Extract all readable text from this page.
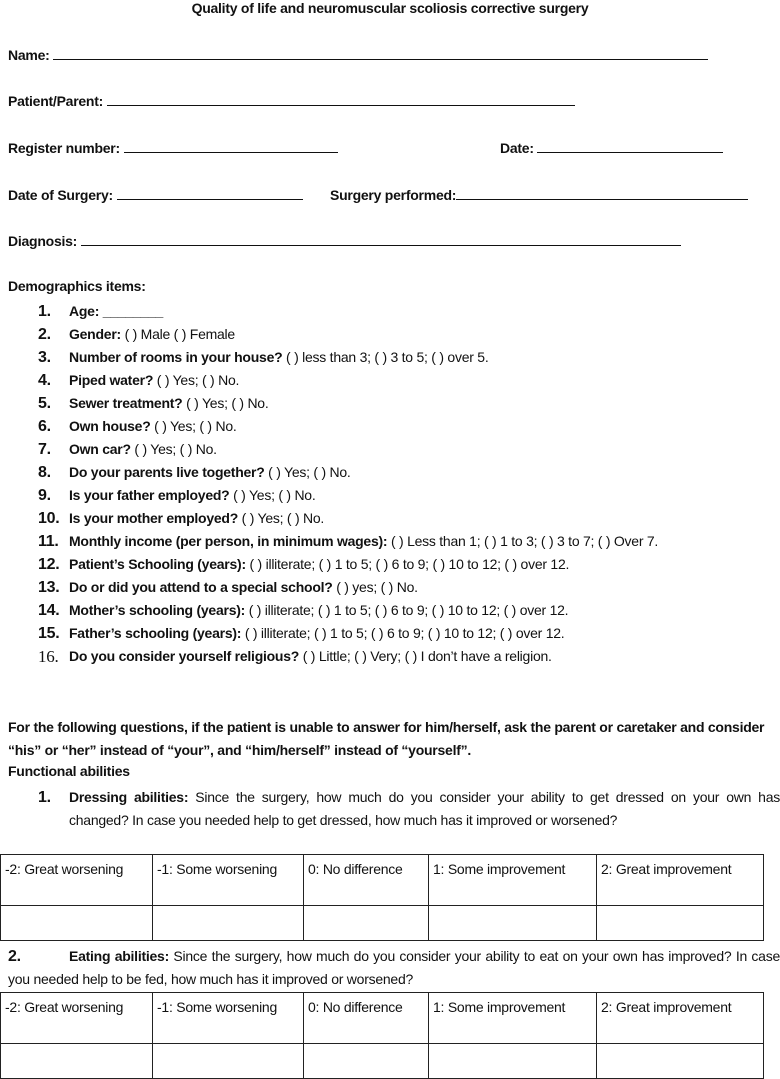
Quality of life and neuromuscular scoliosis corrective surgery
Name:
Patient/Parent:
Register number:	Date:
Date of Surgery:	Surgery performed:
Diagnosis:
Demographics items:
1.	Age: ________
2.	Gender: ( ) Male ( ) Female
3.	Number of rooms in your house? ( ) less than 3; ( ) 3 to 5; ( ) over 5.
4.	Piped water? ( ) Yes; ( ) No.
5.	Sewer treatment? ( ) Yes; ( ) No.
6.	Own house? ( ) Yes; ( ) No.
7.	Own car? ( ) Yes; ( ) No.
8.	Do your parents live together? ( ) Yes; ( ) No.
9.	Is your father employed? ( ) Yes; ( ) No.
10. Is your mother employed? ( ) Yes; ( ) No.
11. Monthly income (per person, in minimum wages): ( ) Less than 1; ( ) 1 to 3; ( ) 3 to 7; ( ) Over 7.
12. Patient’s Schooling (years): ( ) illiterate; ( ) 1 to 5; ( ) 6 to 9; ( ) 10 to 12; ( ) over 12.
13. Do or did you attend to a special school? ( ) yes; ( ) No.
14. Mother’s schooling (years): ( ) illiterate; ( ) 1 to 5; ( ) 6 to 9; ( ) 10 to 12; ( ) over 12.
15. Father’s schooling (years): ( ) illiterate; ( ) 1 to 5; ( ) 6 to 9; ( ) 10 to 12; ( ) over 12.
16. Do you consider yourself religious? ( ) Little; ( ) Very; ( ) I don’t have a religion.
For the following questions, if the patient is unable to answer for him/herself, ask the parent or caretaker and consider “his” or “her” instead of “your”, and “him/herself” instead of “yourself”.
Functional abilities
1.	Dressing abilities: Since the surgery, how much do you consider your ability to get dressed on your own has changed? In case you needed help to get dressed, how much has it improved or worsened?
-2: Great worsening	-1: Some worsening	0: No difference	1: Some improvement	2: Great improvement

2.	Eating abilities: Since the surgery, how much do you consider your ability to eat on your own has improved? In case you needed help to be fed, how much has it improved or worsened?
-2: Great worsening	-1: Some worsening	0: No difference	1: Some improvement	2: Great improvement
